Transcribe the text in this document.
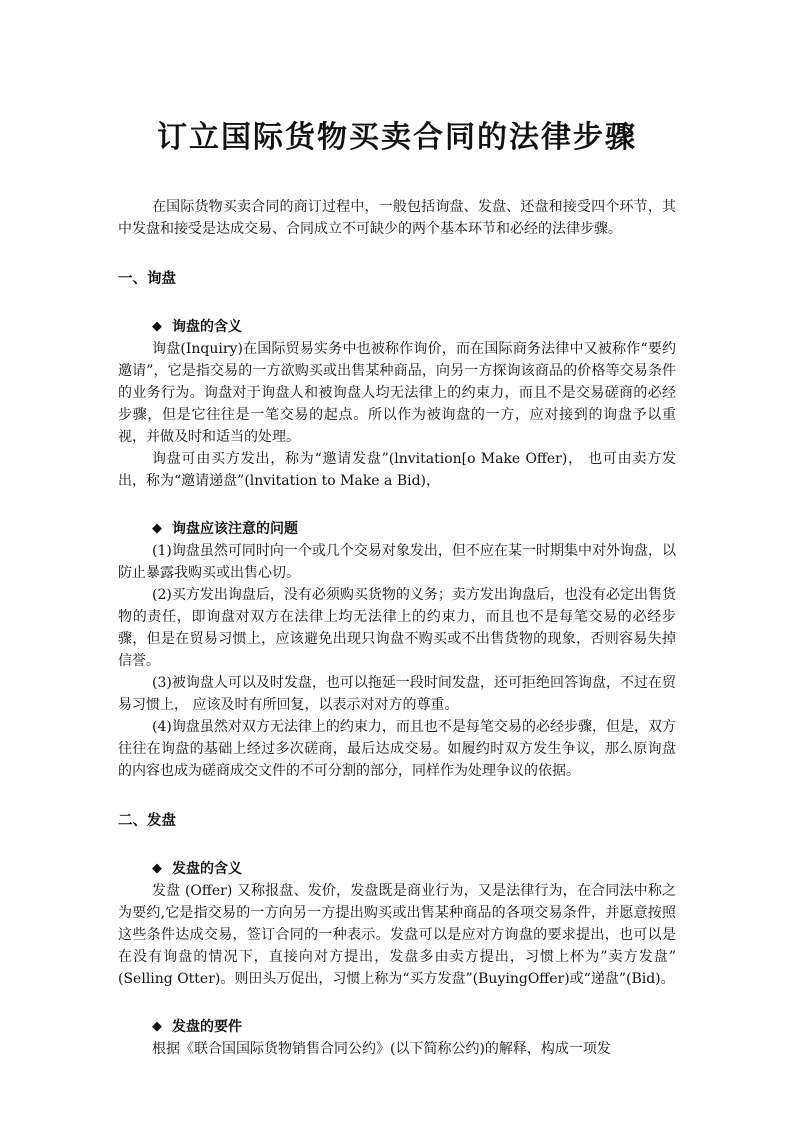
订立国际货物买卖合同的法律步骤

在国际货物买卖合同的商订过程中，一般包括询盘、发盘、还盘和接受四个环节，其中发盘和接受是达成交易、合同成立不可缺少的两个基本环节和必经的法律步骤。

一、询盘
◆ 询盘的含义

询盘(Inquiry)在国际贸易实务中也被称作询价，而在国际商务法律中又被称作“要约邀请”，它是指交易的一方欲购买或出售某种商品，向另一方探询该商品的价格等交易条件的业务行为。询盘对于询盘人和被询盘人均无法律上的约束力，而且不是交易磋商的必经步骤，但是它往往是一笔交易的起点。所以作为被询盘的一方，应对接到的询盘予以重视，并做及时和适当的处理。

询盘可由买方发出，称为“邀请发盘”(lnvitation[o Make Offer)， 也可由卖方发出，称为“邀请递盘”(lnvitation to Make a Bid)，

◆ 询盘应该注意的问题

(1)询盘虽然可同时向一个或几个交易对象发出，但不应在某一时期集中对外询盘，以防止暴露我购买或出售心切。

(2)买方发出询盘后，没有必须购买货物的义务；卖方发出询盘后，也没有必定出售货物的责任，即询盘对双方在法律上均无法律上的约束力，而且也不是每笔交易的必经步骤，但是在贸易习惯上，应该避免出现只询盘不购买或不出售货物的现象，否则容易失掉信誉。

(3)被询盘人可以及时发盘，也可以拖延一段时间发盘，还可拒绝回答询盘，不过在贸易习惯上， 应该及时有所回复，以表示对对方的尊重。

(4)询盘虽然对双方无法律上的约束力，而且也不是每笔交易的必经步骤，但是，双方往往在询盘的基础上经过多次磋商，最后达成交易。如履约时双方发生争议，那么原询盘的内容也成为磋商成交文件的不可分割的部分，同样作为处理争议的依据。

二、发盘
◆ 发盘的含义

发盘 (Offer) 又称报盘、发价，发盘既是商业行为，又是法律行为，在合同法中称之为要约,它是指交易的一方向另一方提出购买或出售某种商品的各项交易条件，并愿意按照这些条件达成交易，签订合同的一种表示。发盘可以是应对方询盘的要求提出，也可以是在没有询盘的情况下，直接向对方提出，发盘多由卖方提出，习惯上杯为”卖方发盘” (Selling Otter)。则田头万促出，习惯上称为“买方发盘”(BuyingOffer)或“递盘”(Bid)。

◆ 发盘的要件

根据《联合国国际货物销售合同公约》(以下简称公约)的解释，构成一项发
